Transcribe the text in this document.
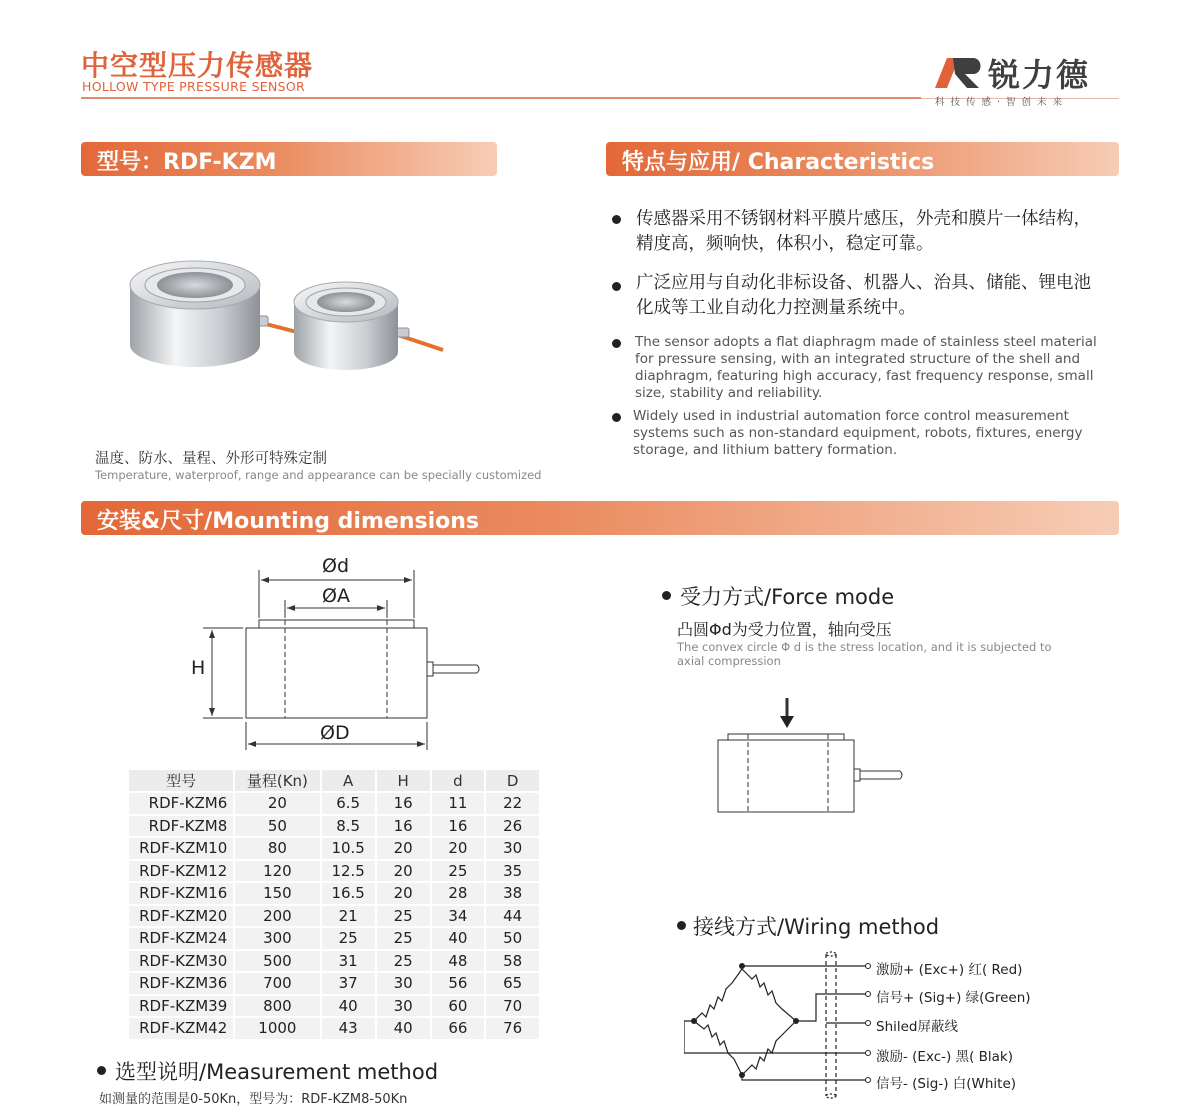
中空型压力传感器
HOLLOW TYPE PRESSURE SENSOR	锐力德
科技传感·智创未来
型号：RDF-KZM
温度、防水、量程、外形可特殊定制
Temperature, waterproof, range and appearance can be specially customized
特点与应用/ Characteristics
传感器采用不锈钢材料平膜片感压，外壳和膜片一体结构，精度高，频响快，体积小，稳定可靠。
广泛应用与自动化非标设备、机器人、治具、储能、锂电池化成等工业自动化力控测量系统中。
The sensor adopts a flat diaphragm made of stainless steel material for pressure sensing, with an integrated structure of the shell and diaphragm, featuring high accuracy, fast frequency response, small size, stability and reliability.
Widely used in industrial automation force control measurement systems such as non-standard equipment, robots, fixtures, energy storage, and lithium battery formation.
安装&尺寸/Mounting dimensions
Ød
ØA
H
ØD
型号	量程(Kn)	A	H	d	D
RDF-KZM6	20	6.5	16	11	22
RDF-KZM8	50	8.5	16	16	26
RDF-KZM10	80	10.5	20	20	30
RDF-KZM12	120	12.5	20	25	35
RDF-KZM16	150	16.5	20	28	38
RDF-KZM20	200	21	25	34	44
RDF-KZM24	300	25	25	40	50
RDF-KZM30	500	31	25	48	58
RDF-KZM36	700	37	30	56	65
RDF-KZM39	800	40	30	60	70
RDF-KZM42	1000	43	40	66	76
受力方式/Force mode
凸圆Φd为受力位置，轴向受压
The convex circle Φ d is the stress location, and it is subjected to axial compression
选型说明/Measurement method
如测量的范围是0-50Kn，型号为：RDF-KZM8-50Kn
接线方式/Wiring method
激励+ (Exc+) 红( Red)
信号+ (Sig+) 绿(Green)
Shiled屏蔽线
激励- (Exc-) 黑( Blak)
信号- (Sig-) 白(White)
